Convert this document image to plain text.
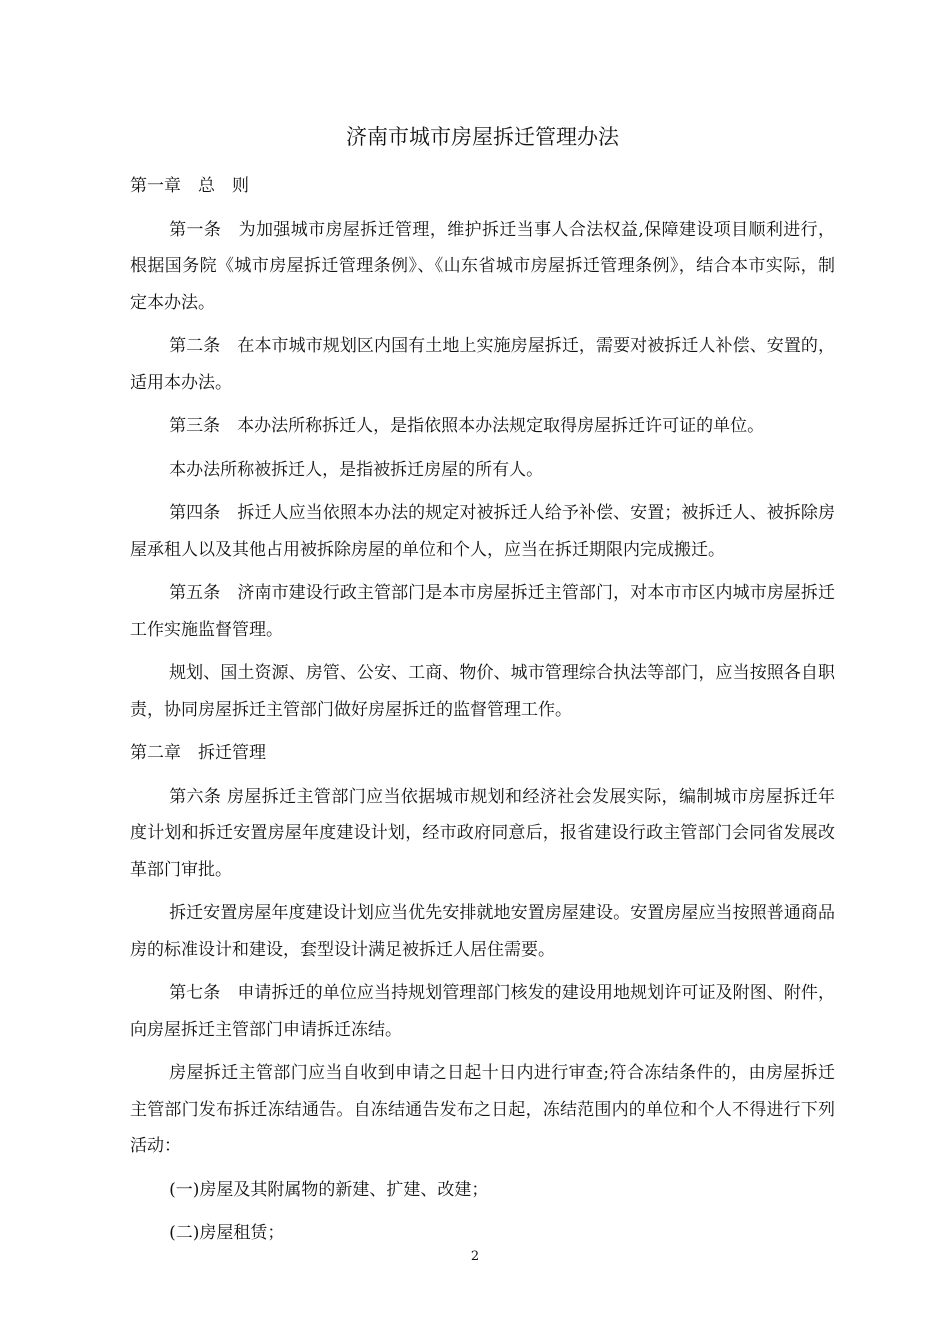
济南市城市房屋拆迁管理办法

第一章　总　则

第一条　为加强城市房屋拆迁管理，维护拆迁当事人合法权益,保障建设项目顺利进行，根据国务院《城市房屋拆迁管理条例》、《山东省城市房屋拆迁管理条例》，结合本市实际，制定本办法。

第二条　在本市城市规划区内国有土地上实施房屋拆迁，需要对被拆迁人补偿、安置的，适用本办法。

第三条　本办法所称拆迁人，是指依照本办法规定取得房屋拆迁许可证的单位。

本办法所称被拆迁人，是指被拆迁房屋的所有人。

第四条　拆迁人应当依照本办法的规定对被拆迁人给予补偿、安置；被拆迁人、被拆除房屋承租人以及其他占用被拆除房屋的单位和个人，应当在拆迁期限内完成搬迁。

第五条　济南市建设行政主管部门是本市房屋拆迁主管部门，对本市市区内城市房屋拆迁工作实施监督管理。

规划、国土资源、房管、公安、工商、物价、城市管理综合执法等部门，应当按照各自职责，协同房屋拆迁主管部门做好房屋拆迁的监督管理工作。

第二章　拆迁管理

第六条 房屋拆迁主管部门应当依据城市规划和经济社会发展实际，编制城市房屋拆迁年度计划和拆迁安置房屋年度建设计划，经市政府同意后，报省建设行政主管部门会同省发展改革部门审批。

拆迁安置房屋年度建设计划应当优先安排就地安置房屋建设。安置房屋应当按照普通商品房的标准设计和建设，套型设计满足被拆迁人居住需要。

第七条　申请拆迁的单位应当持规划管理部门核发的建设用地规划许可证及附图、附件，向房屋拆迁主管部门申请拆迁冻结。

房屋拆迁主管部门应当自收到申请之日起十日内进行审查;符合冻结条件的，由房屋拆迁主管部门发布拆迁冻结通告。自冻结通告发布之日起，冻结范围内的单位和个人不得进行下列活动：

(一)房屋及其附属物的新建、扩建、改建；

(二)房屋租赁；

2
